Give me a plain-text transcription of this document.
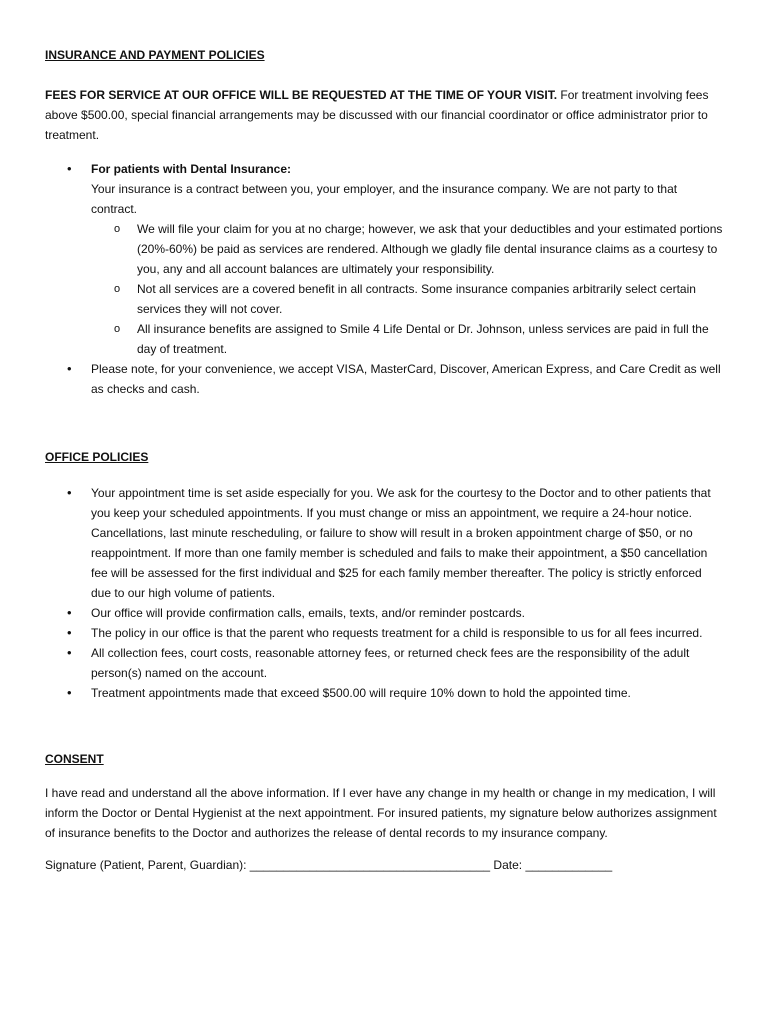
INSURANCE AND PAYMENT POLICIES

FEES FOR SERVICE AT OUR OFFICE WILL BE REQUESTED AT THE TIME OF YOUR VISIT. For treatment involving fees above $500.00, special financial arrangements may be discussed with our financial coordinator or office administrator prior to treatment.

• For patients with Dental Insurance:
Your insurance is a contract between you, your employer, and the insurance company. We are not party to that contract.
o We will file your claim for you at no charge; however, we ask that your deductibles and your estimated portions (20%-60%) be paid as services are rendered. Although we gladly file dental insurance claims as a courtesy to you, any and all account balances are ultimately your responsibility.
o Not all services are a covered benefit in all contracts. Some insurance companies arbitrarily select certain services they will not cover.
o All insurance benefits are assigned to Smile 4 Life Dental or Dr. Johnson, unless services are paid in full the day of treatment.
• Please note, for your convenience, we accept VISA, MasterCard, Discover, American Express, and Care Credit as well as checks and cash.
OFFICE POLICIES
• Your appointment time is set aside especially for you. We ask for the courtesy to the Doctor and to other patients that you keep your scheduled appointments. If you must change or miss an appointment, we require a 24-hour notice. Cancellations, last minute rescheduling, or failure to show will result in a broken appointment charge of $50, or no reappointment. If more than one family member is scheduled and fails to make their appointment, a $50 cancellation fee will be assessed for the first individual and $25 for each family member thereafter. The policy is strictly enforced due to our high volume of patients.
• Our office will provide confirmation calls, emails, texts, and/or reminder postcards.
• The policy in our office is that the parent who requests treatment for a child is responsible to us for all fees incurred.
• All collection fees, court costs, reasonable attorney fees, or returned check fees are the responsibility of the adult person(s) named on the account.
• Treatment appointments made that exceed $500.00 will require 10% down to hold the appointed time.
CONSENT

I have read and understand all the above information. If I ever have any change in my health or change in my medication, I will inform the Doctor or Dental Hygienist at the next appointment. For insured patients, my signature below authorizes assignment of insurance benefits to the Doctor and authorizes the release of dental records to my insurance company.

Signature (Patient, Parent, Guardian): ____________________________________ Date: _____________
